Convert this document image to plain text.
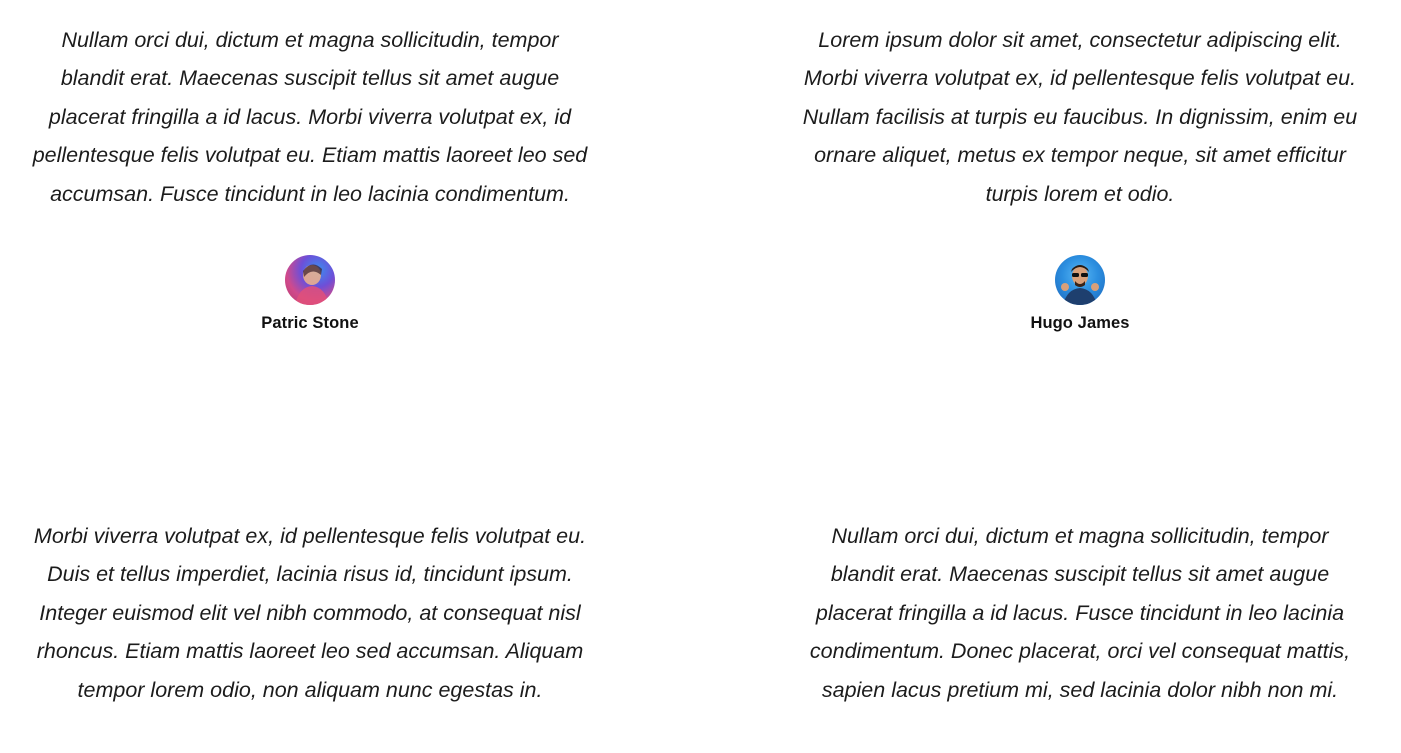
Nullam orci dui, dictum et magna sollicitudin, tempor blandit erat. Maecenas suscipit tellus sit amet augue placerat fringilla a id lacus. Morbi viverra volutpat ex, id pellentesque felis volutpat eu. Etiam mattis laoreet leo sed accumsan. Fusce tincidunt in leo lacinia condimentum.

Patric Stone

Lorem ipsum dolor sit amet, consectetur adipiscing elit. Morbi viverra volutpat ex, id pellentesque felis volutpat eu. Nullam facilisis at turpis eu faucibus. In dignissim, enim eu ornare aliquet, metus ex tempor neque, sit amet efficitur turpis lorem et odio.

Hugo James

Morbi viverra volutpat ex, id pellentesque felis volutpat eu. Duis et tellus imperdiet, lacinia risus id, tincidunt ipsum. Integer euismod elit vel nibh commodo, at consequat nisl rhoncus. Etiam mattis laoreet leo sed accumsan. Aliquam tempor lorem odio, non aliquam nunc egestas in.

Nullam orci dui, dictum et magna sollicitudin, tempor blandit erat. Maecenas suscipit tellus sit amet augue placerat fringilla a id lacus. Fusce tincidunt in leo lacinia condimentum. Donec placerat, orci vel consequat mattis, sapien lacus pretium mi, sed lacinia dolor nibh non mi.
